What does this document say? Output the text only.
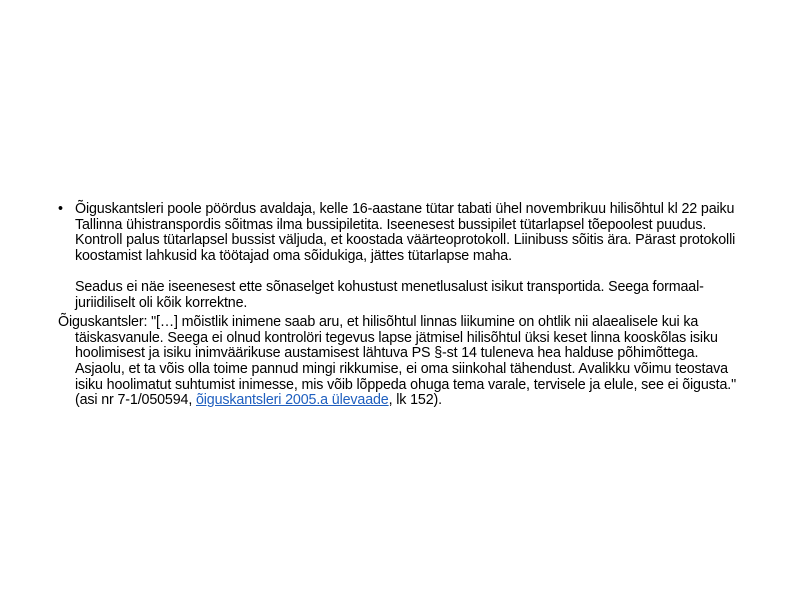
• Õiguskantsleri poole pöördus avaldaja, kelle 16-aastane tütar tabati ühel novembrikuu hilisõhtul kl 22 paiku Tallinna ühistranspordis sõitmas ilma bussipiletita. Iseenesest bussipilet tütarlapsel tõepoolest puudus. Kontroll palus tütarlapsel bussist väljuda, et koostada väärteoprotokoll. Liinibuss sõitis ära. Pärast protokolli koostamist lahkusid ka töötajad oma sõidukiga, jättes tütarlapse maha.

Seadus ei näe iseenesest ette sõnaselget kohustust menetlusalust isikut transportida. Seega formaal-juriidiliselt oli kõik korrektne.

Õiguskantsler: "[…] mõistlik inimene saab aru, et hilisõhtul linnas liikumine on ohtlik nii alaealisele kui ka täiskasvanule. Seega ei olnud kontrolöri tegevus lapse jätmisel hilisõhtul üksi keset linna kooskõlas isiku hoolimisest ja isiku inimväärikuse austamisest lähtuva PS §-st 14 tuleneva hea halduse põhimõttega. Asjaolu, et ta võis olla toime pannud mingi rikkumise, ei oma siinkohal tähendust. Avalikku võimu teostava isiku hoolimatut suhtumist inimesse, mis võib lõppeda ohuga tema varale, tervisele ja elule, see ei õigusta." (asi nr 7-1/050594, õiguskantsleri 2005.a ülevaade, lk 152).
